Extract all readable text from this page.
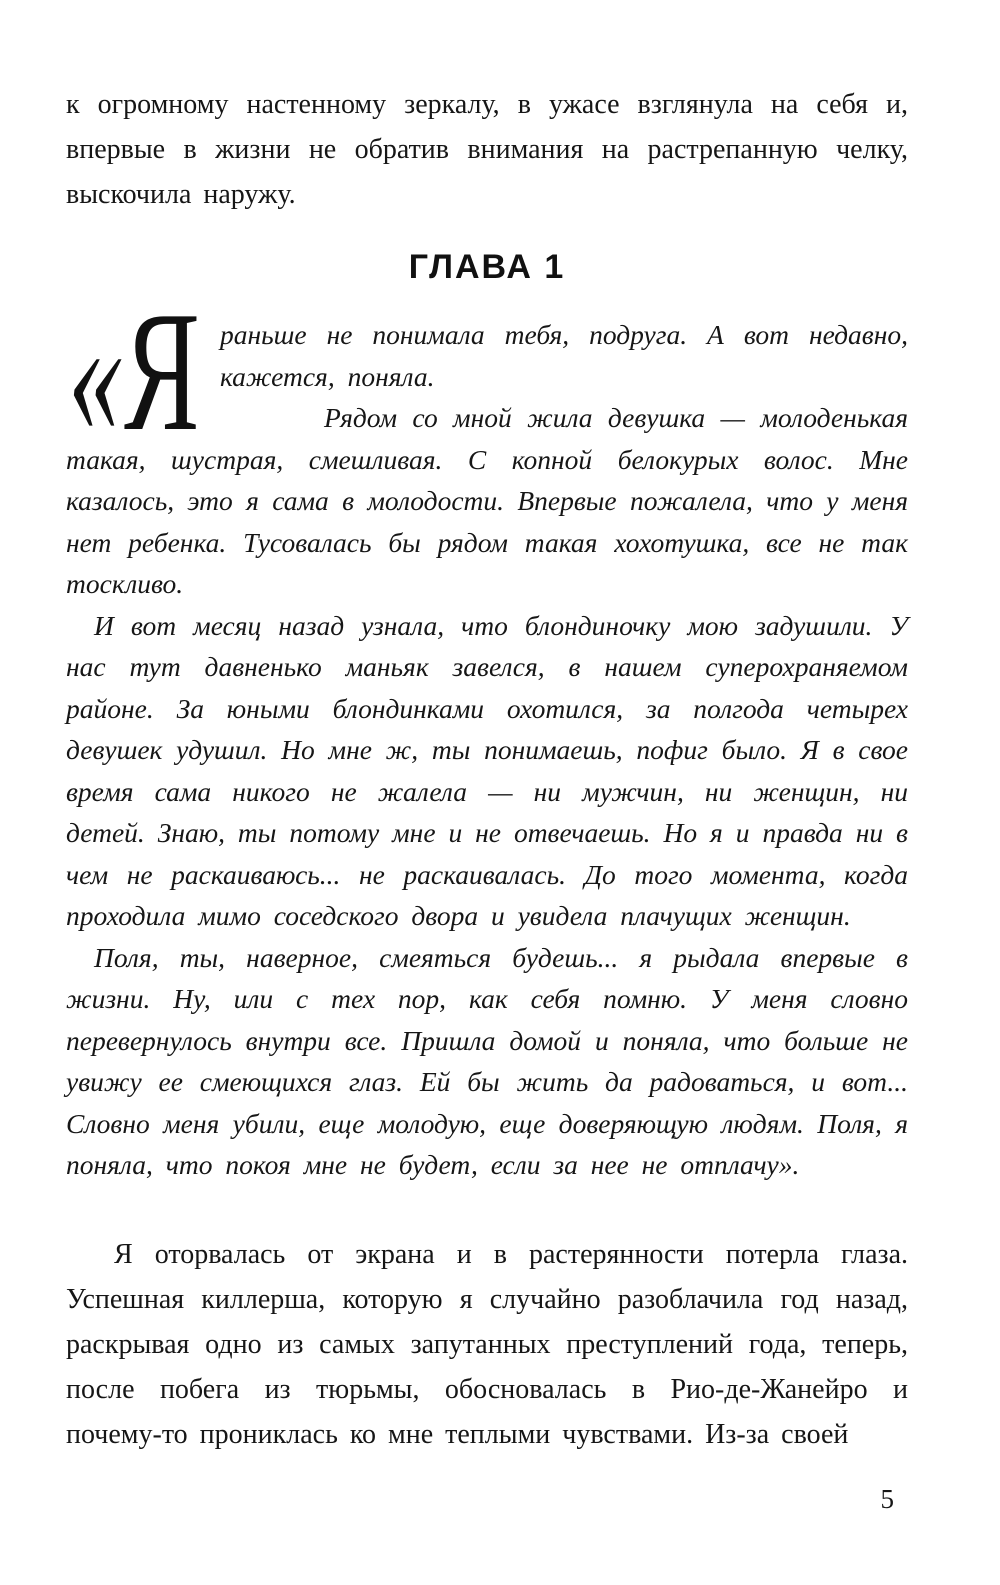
к огромному настенному зеркалу, в ужасе взглянула на себя и, впервые в жизни не обратив внимания на растрепанную челку, выскочила наружу.

ГЛАВА 1
« Я раньше не понимала тебя, подруга. А вот недавно, кажется, поняла.

Рядом со мной жила девушка — молоденькая такая, шустрая, смешливая. С копной белокурых волос. Мне казалось, это я сама в молодости. Впервые пожалела, что у меня нет ребенка. Тусовалась бы рядом такая хохотушка, все не так тоскливо.

И вот месяц назад узнала, что блондиночку мою задушили. У нас тут давненько маньяк завелся, в нашем суперохраняемом районе. За юными блондинками охотился, за полгода четырех девушек удушил. Но мне ж, ты понимаешь, пофиг было. Я в свое время сама никого не жалела — ни мужчин, ни женщин, ни детей. Знаю, ты потому мне и не отвечаешь. Но я и правда ни в чем не раскаиваюсь... не раскаивалась. До того момента, когда проходила мимо соседского двора и увидела плачущих женщин.

Поля, ты, наверное, смеяться будешь... я рыдала впервые в жизни. Ну, или с тех пор, как себя помню. У меня словно перевернулось внутри все. Пришла домой и поняла, что больше не увижу ее смеющихся глаз. Ей бы жить да радоваться, и вот... Словно меня убили, еще молодую, еще доверяющую людям. Поля, я поняла, что покоя мне не будет, если за нее не отплачу».

Я оторвалась от экрана и в растерянности потерла глаза. Успешная киллерша, которую я случайно разоблачила год назад, раскрывая одно из самых запутанных преступлений года, теперь, после побега из тюрьмы, обосновалась в Рио-де-Жанейро и почему-то прониклась ко мне теплыми чувствами. Из-за своей

5
